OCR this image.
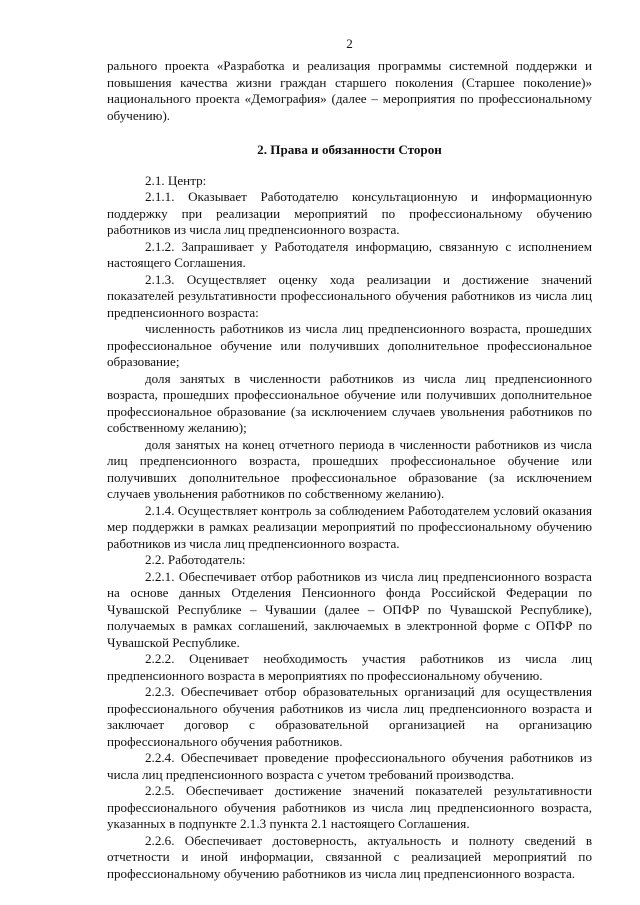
2

рального проекта «Разработка и реализация программы системной поддержки и повышения качества жизни граждан старшего поколения (Старшее поколение)» национального проекта «Демография» (далее – мероприятия по профессиональному обучению).

2. Права и обязанности Сторон

2.1. Центр:

2.1.1. Оказывает Работодателю консультационную и информационную поддержку при реализации мероприятий по профессиональному обучению работников из числа лиц предпенсионного возраста.

2.1.2. Запрашивает у Работодателя информацию, связанную с исполнением настоящего Соглашения.

2.1.3. Осуществляет оценку хода реализации и достижение значений показателей результативности профессионального обучения работников из числа лиц предпенсионного возраста:

численность работников из числа лиц предпенсионного возраста, прошедших профессиональное обучение или получивших дополнительное профессиональное образование;

доля занятых в численности работников из числа лиц предпенсионного возраста, прошедших профессиональное обучение или получивших дополнительное профессиональное образование (за исключением случаев увольнения работников по собственному желанию);

доля занятых на конец отчетного периода в численности работников из числа лиц предпенсионного возраста, прошедших профессиональное обучение или получивших дополнительное профессиональное образование (за исключением случаев увольнения работников по собственному желанию).

2.1.4. Осуществляет контроль за соблюдением Работодателем условий оказания мер поддержки в рамках реализации мероприятий по профессиональному обучению работников из числа лиц предпенсионного возраста.

2.2. Работодатель:

2.2.1. Обеспечивает отбор работников из числа лиц предпенсионного возраста на основе данных Отделения Пенсионного фонда Российской Федерации по Чувашской Республике – Чувашии (далее – ОПФР по Чувашской Республике), получаемых в рамках соглашений, заключаемых в электронной форме с ОПФР по Чувашской Республике.

2.2.2. Оценивает необходимость участия работников из числа лиц предпенсионного возраста в мероприятиях по профессиональному обучению.

2.2.3. Обеспечивает отбор образовательных организаций для осуществления профессионального обучения работников из числа лиц предпенсионного возраста и заключает договор с образовательной организацией на организацию профессионального обучения работников.

2.2.4. Обеспечивает проведение профессионального обучения работников из числа лиц предпенсионного возраста с учетом требований производства.

2.2.5. Обеспечивает достижение значений показателей результативности профессионального обучения работников из числа лиц предпенсионного возраста, указанных в подпункте 2.1.3 пункта 2.1 настоящего Соглашения.

2.2.6. Обеспечивает достоверность, актуальность и полноту сведений в отчетности и иной информации, связанной с реализацией мероприятий по профессиональному обучению работников из числа лиц предпенсионного возраста.
